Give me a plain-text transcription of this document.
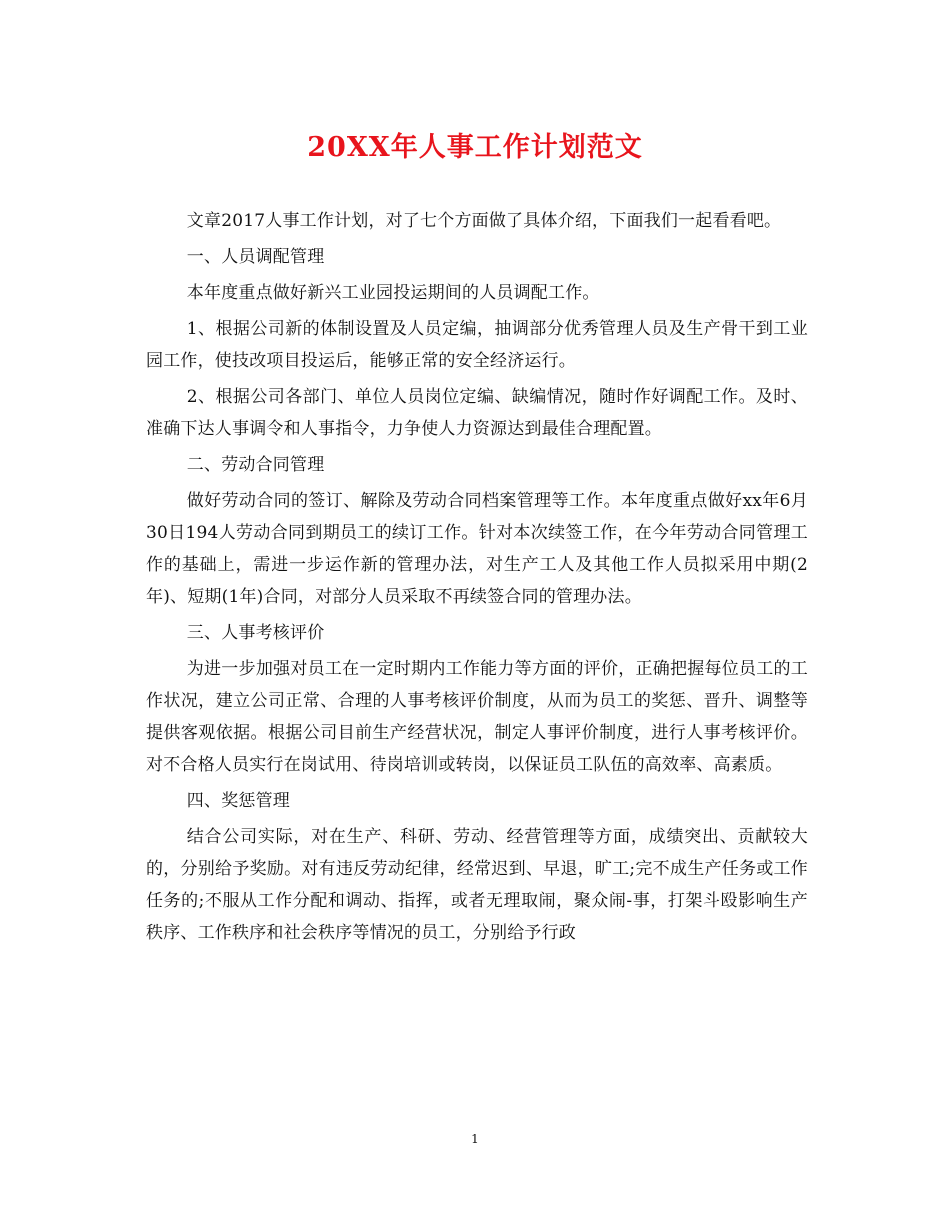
20XX年人事工作计划范文

文章2017人事工作计划，对了七个方面做了具体介绍，下面我们一起看看吧。

一、人员调配管理

本年度重点做好新兴工业园投运期间的人员调配工作。

1、根据公司新的体制设置及人员定编，抽调部分优秀管理人员及生产骨干到工业园工作，使技改项目投运后，能够正常的安全经济运行。

2、根据公司各部门、单位人员岗位定编、缺编情况，随时作好调配工作。及时、准确下达人事调令和人事指令，力争使人力资源达到最佳合理配置。

二、劳动合同管理

做好劳动合同的签订、解除及劳动合同档案管理等工作。本年度重点做好xx年6月30日194人劳动合同到期员工的续订工作。针对本次续签工作，在今年劳动合同管理工作的基础上，需进一步运作新的管理办法，对生产工人及其他工作人员拟采用中期(2年)、短期(1年)合同，对部分人员采取不再续签合同的管理办法。

三、人事考核评价

为进一步加强对员工在一定时期内工作能力等方面的评价，正确把握每位员工的工作状况，建立公司正常、合理的人事考核评价制度，从而为员工的奖惩、晋升、调整等提供客观依据。根据公司目前生产经营状况，制定人事评价制度，进行人事考核评价。对不合格人员实行在岗试用、待岗培训或转岗，以保证员工队伍的高效率、高素质。

四、奖惩管理

结合公司实际，对在生产、科研、劳动、经营管理等方面，成绩突出、贡献较大的，分别给予奖励。对有违反劳动纪律，经常迟到、早退，旷工;完不成生产任务或工作任务的;不服从工作分配和调动、指挥，或者无理取闹，聚众闹-事，打架斗殴影响生产秩序、工作秩序和社会秩序等情况的员工，分别给予行政

1
